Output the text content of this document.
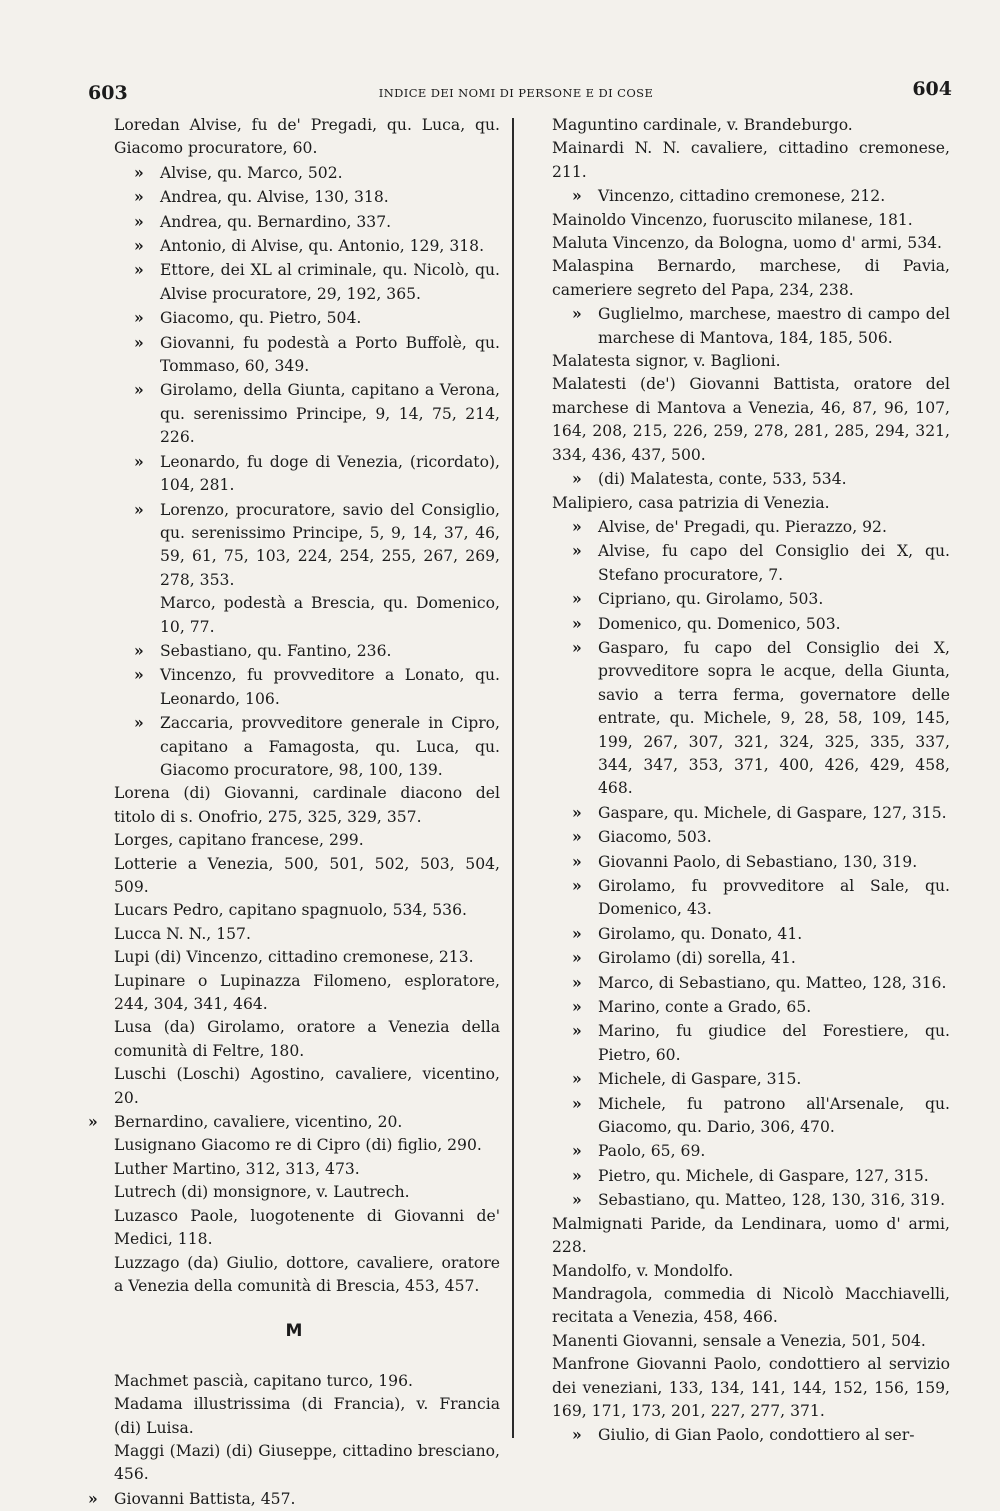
603	INDICE DEI NOMI DI PERSONE E DI COSE	604
Loredan Alvise, fu de' Pregadi, qu. Luca, qu. Giacomo procuratore, 60.
» Alvise, qu. Marco, 502.
» Andrea, qu. Alvise, 130, 318.
» Andrea, qu. Bernardino, 337.
» Antonio, di Alvise, qu. Antonio, 129, 318.
» Ettore, dei XL al criminale, qu. Nicolò, qu. Alvise procuratore, 29, 192, 365.
» Giacomo, qu. Pietro, 504.
» Giovanni, fu podestà a Porto Buffolè, qu. Tommaso, 60, 349.
» Girolamo, della Giunta, capitano a Verona, qu. serenissimo Principe, 9, 14, 75, 214, 226.
» Leonardo, fu doge di Venezia, (ricordato), 104, 281.
» Lorenzo, procuratore, savio del Consiglio, qu. serenissimo Principe, 5, 9, 14, 37, 46, 59, 61, 75, 103, 224, 254, 255, 267, 269, 278, 353.
Marco, podestà a Brescia, qu. Domenico, 10, 77.
» Sebastiano, qu. Fantino, 236.
» Vincenzo, fu provveditore a Lonato, qu. Leonardo, 106.
» Zaccaria, provveditore generale in Cipro, capitano a Famagosta, qu. Luca, qu. Giacomo procuratore, 98, 100, 139.
Lorena (di) Giovanni, cardinale diacono del titolo di s. Onofrio, 275, 325, 329, 357.
Lorges, capitano francese, 299.
Lotterie a Venezia, 500, 501, 502, 503, 504, 509.
Lucars Pedro, capitano spagnuolo, 534, 536.
Lucca N. N., 157.
Lupi (di) Vincenzo, cittadino cremonese, 213.
Lupinare o Lupinazza Filomeno, esploratore, 244, 304, 341, 464.
Lusa (da) Girolamo, oratore a Venezia della comunità di Feltre, 180.
Luschi (Loschi) Agostino, cavaliere, vicentino, 20.
» Bernardino, cavaliere, vicentino, 20.
Lusignano Giacomo re di Cipro (di) figlio, 290.
Luther Martino, 312, 313, 473.
Lutrech (di) monsignore, v. Lautrech.
Luzasco Paole, luogotenente di Giovanni de' Medici, 118.
Luzzago (da) Giulio, dottore, cavaliere, oratore a Venezia della comunità di Brescia, 453, 457.
M
Machmet pascià, capitano turco, 196.
Madama illustrissima (di Francia), v. Francia (di) Luisa.
Maggi (Mazi) (di) Giuseppe, cittadino bresciano, 456.
» Giovanni Battista, 457.
Maguntino cardinale, v. Brandeburgo.
Mainardi N. N. cavaliere, cittadino cremonese, 211.
» Vincenzo, cittadino cremonese, 212.
Mainoldo Vincenzo, fuoruscito milanese, 181.
Maluta Vincenzo, da Bologna, uomo d' armi, 534.
Malaspina Bernardo, marchese, di Pavia, cameriere segreto del Papa, 234, 238.
» Guglielmo, marchese, maestro di campo del marchese di Mantova, 184, 185, 506.
Malatesta signor, v. Baglioni.
Malatesti (de') Giovanni Battista, oratore del marchese di Mantova a Venezia, 46, 87, 96, 107, 164, 208, 215, 226, 259, 278, 281, 285, 294, 321, 334, 436, 437, 500.
» (di) Malatesta, conte, 533, 534.
Malipiero, casa patrizia di Venezia.
» Alvise, de' Pregadi, qu. Pierazzo, 92.
» Alvise, fu capo del Consiglio dei X, qu. Stefano procuratore, 7.
» Cipriano, qu. Girolamo, 503.
» Domenico, qu. Domenico, 503.
» Gasparo, fu capo del Consiglio dei X, provveditore sopra le acque, della Giunta, savio a terra ferma, governatore delle entrate, qu. Michele, 9, 28, 58, 109, 145, 199, 267, 307, 321, 324, 325, 335, 337, 344, 347, 353, 371, 400, 426, 429, 458, 468.
» Gaspare, qu. Michele, di Gaspare, 127, 315.
» Giacomo, 503.
» Giovanni Paolo, di Sebastiano, 130, 319.
» Girolamo, fu provveditore al Sale, qu. Domenico, 43.
» Girolamo, qu. Donato, 41.
» Girolamo (di) sorella, 41.
» Marco, di Sebastiano, qu. Matteo, 128, 316.
» Marino, conte a Grado, 65.
» Marino, fu giudice del Forestiere, qu. Pietro, 60.
» Michele, di Gaspare, 315.
» Michele, fu patrono all'Arsenale, qu. Giacomo, qu. Dario, 306, 470.
» Paolo, 65, 69.
» Pietro, qu. Michele, di Gaspare, 127, 315.
» Sebastiano, qu. Matteo, 128, 130, 316, 319.
Malmignati Paride, da Lendinara, uomo d' armi, 228.
Mandolfo, v. Mondolfo.
Mandragola, commedia di Nicolò Macchiavelli, recitata a Venezia, 458, 466.
Manenti Giovanni, sensale a Venezia, 501, 504.
Manfrone Giovanni Paolo, condottiero al servizio dei veneziani, 133, 134, 141, 144, 152, 156, 159, 169, 171, 173, 201, 227, 277, 371.
» Giulio, di Gian Paolo, condottiero al ser-
